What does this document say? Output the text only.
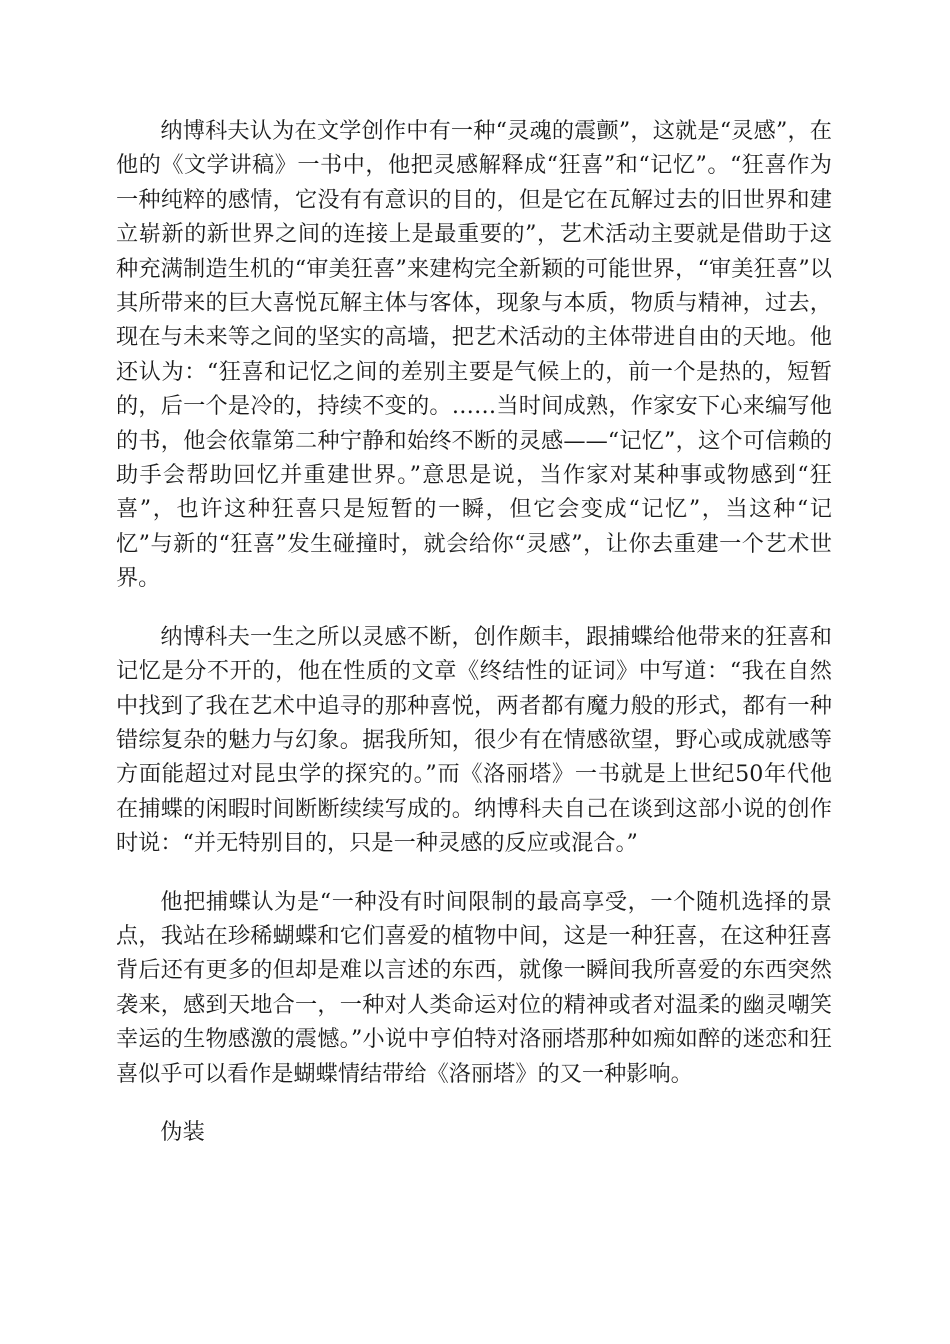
纳博科夫认为在文学创作中有一种“灵魂的震颤”，这就是“灵感”，在他的《文学讲稿》一书中，他把灵感解释成“狂喜”和“记忆”。“狂喜作为一种纯粹的感情，它没有有意识的目的，但是它在瓦解过去的旧世界和建立崭新的新世界之间的连接上是最重要的”，艺术活动主要就是借助于这种充满制造生机的“审美狂喜”来建构完全新颖的可能世界，“审美狂喜”以其所带来的巨大喜悦瓦解主体与客体，现象与本质，物质与精神，过去，现在与未来等之间的坚实的高墙，把艺术活动的主体带进自由的天地。他还认为：“狂喜和记忆之间的差别主要是气候上的，前一个是热的，短暂的，后一个是冷的，持续不变的。……当时间成熟，作家安下心来编写他的书，他会依靠第二种宁静和始终不断的灵感——“记忆”，这个可信赖的助手会帮助回忆并重建世界。”意思是说，当作家对某种事或物感到“狂喜”，也许这种狂喜只是短暂的一瞬，但它会变成“记忆”，当这种“记忆”与新的“狂喜”发生碰撞时，就会给你“灵感”，让你去重建一个艺术世界。

纳博科夫一生之所以灵感不断，创作颇丰，跟捕蝶给他带来的狂喜和记忆是分不开的，他在性质的文章《终结性的证词》中写道：“我在自然中找到了我在艺术中追寻的那种喜悦，两者都有魔力般的形式，都有一种错综复杂的魅力与幻象。据我所知，很少有在情感欲望，野心或成就感等方面能超过对昆虫学的探究的。”而《洛丽塔》一书就是上世纪50年代他在捕蝶的闲暇时间断断续续写成的。纳博科夫自己在谈到这部小说的创作时说：“并无特别目的，只是一种灵感的反应或混合。”

他把捕蝶认为是“一种没有时间限制的最高享受，一个随机选择的景点，我站在珍稀蝴蝶和它们喜爱的植物中间，这是一种狂喜，在这种狂喜背后还有更多的但却是难以言述的东西，就像一瞬间我所喜爱的东西突然袭来，感到天地合一，一种对人类命运对位的精神或者对温柔的幽灵嘲笑幸运的生物感激的震憾。”小说中亨伯特对洛丽塔那种如痴如醉的迷恋和狂喜似乎可以看作是蝴蝶情结带给《洛丽塔》的又一种影响。

伪装
